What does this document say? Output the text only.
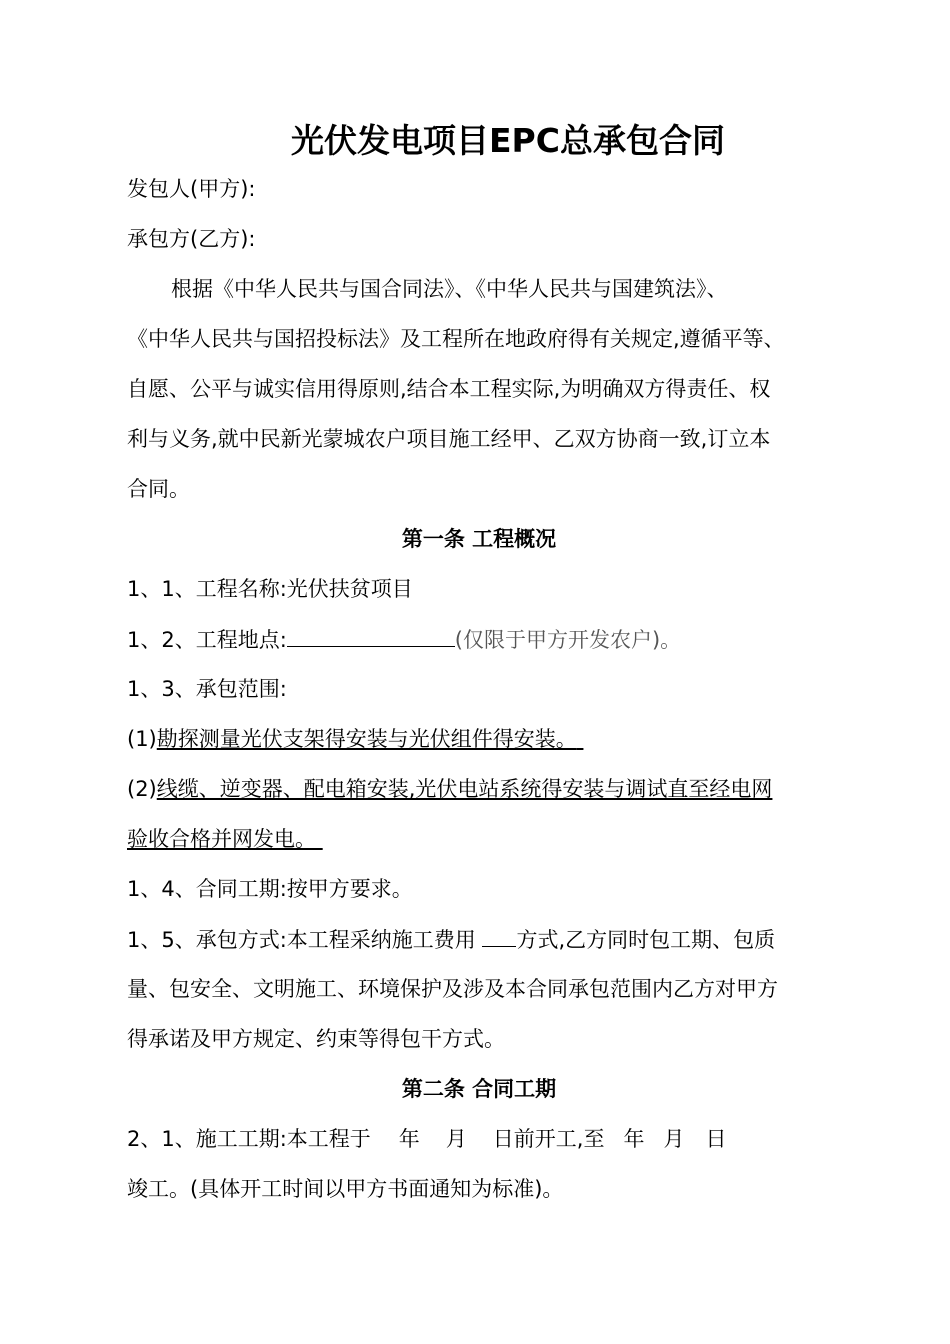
光伏发电项目EPC总承包合同
发包人(甲方):
承包方(乙方):
根据《中华人民共与国合同法》、《中华人民共与国建筑法》、
《中华人民共与国招投标法》及工程所在地政府得有关规定,遵循平等、
自愿、公平与诚实信用得原则,结合本工程实际,为明确双方得责任、权
利与义务,就中民新光蒙城农户项目施工经甲、乙双方协商一致,订立本
合同。
第一条 工程概况
1、1、工程名称:光伏扶贫项目
1、2、工程地点:	(仅限于甲方开发农户)。
1、3、承包范围:
(1)勘探测量光伏支架得安装与光伏组件得安装。
(2)线缆、逆变器、配电箱安装,光伏电站系统得安装与调试直至经电网
验收合格并网发电。
1、4、合同工期:按甲方要求。
1、5、承包方式:本工程采纳施工费用 方式,乙方同时包工期、包质
量、包安全、文明施工、环境保护及涉及本合同承包范围内乙方对甲方
得承诺及甲方规定、约束等得包干方式。
第二条 合同工期
2、1、施工工期:本工程于 年 月 日前开工,至 年 月 日
竣工。(具体开工时间以甲方书面通知为标准)。
